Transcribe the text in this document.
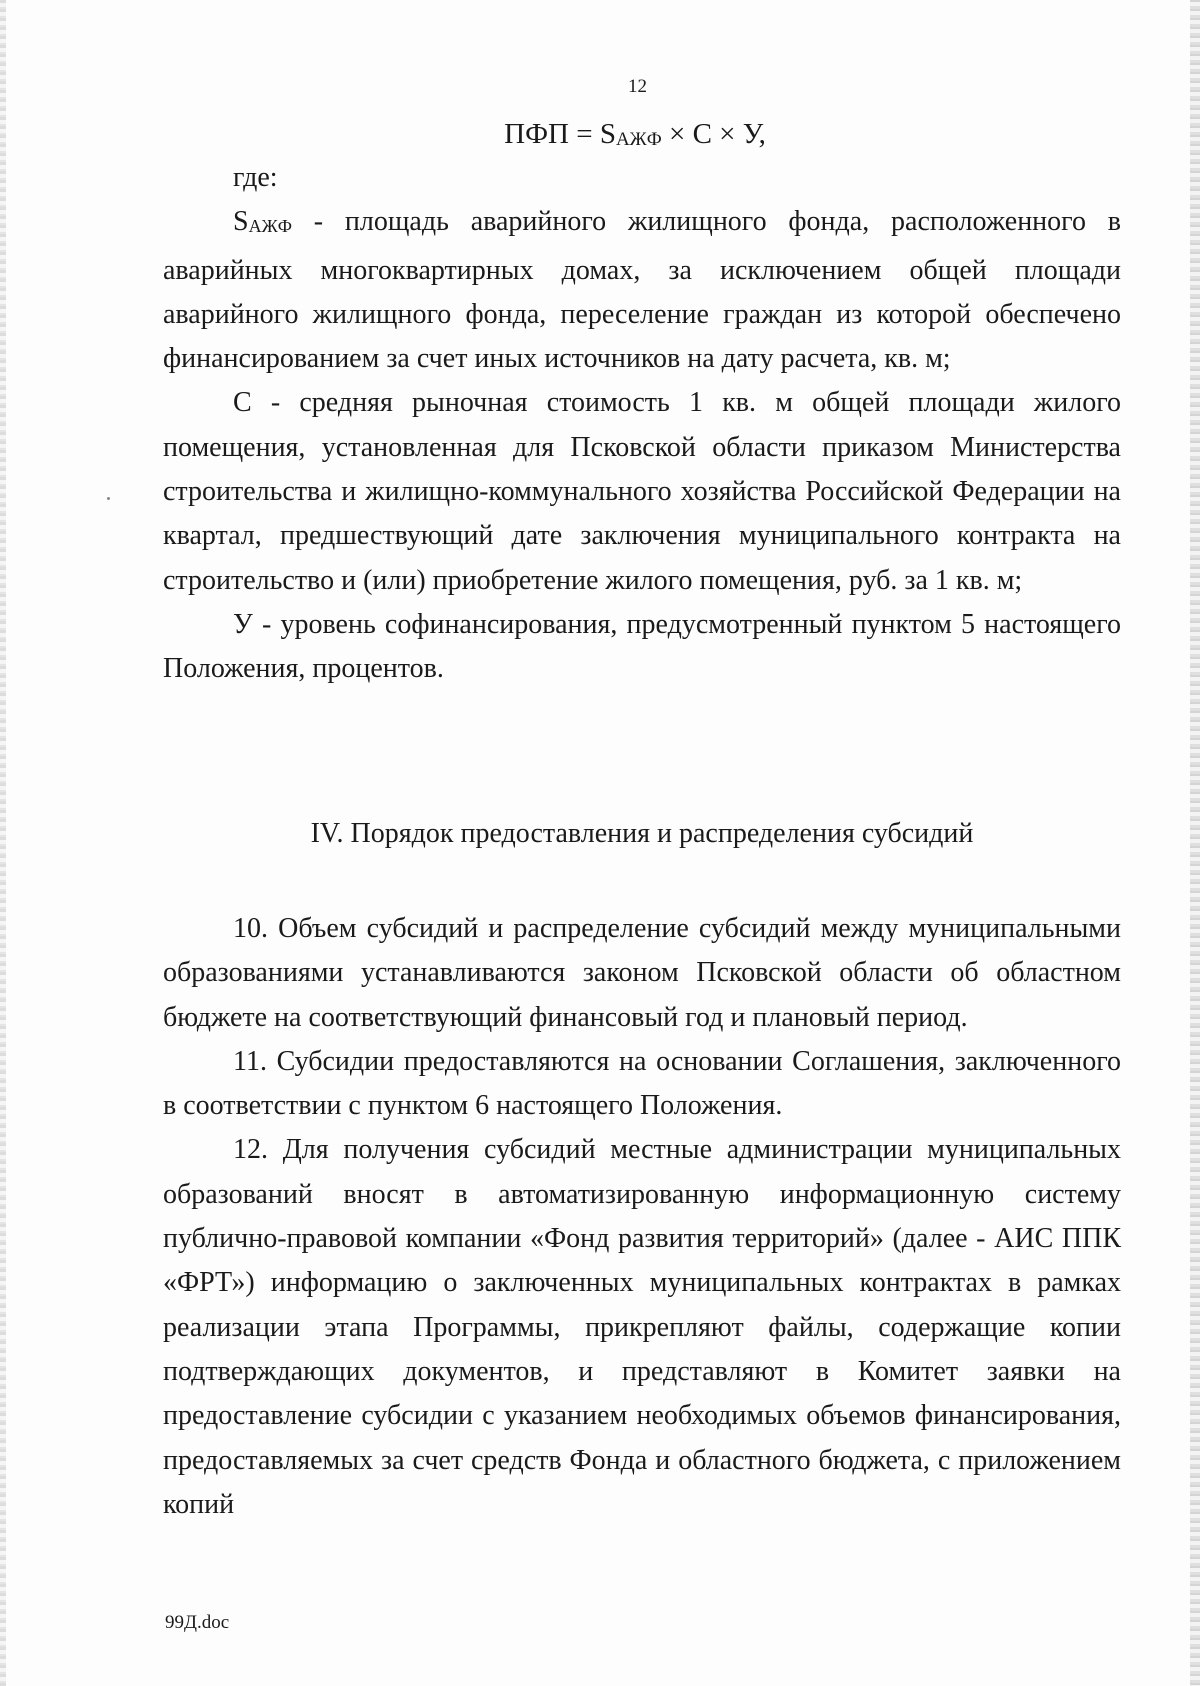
12
ПФП = $S_{АЖФ} \times С \times У$,

где:

SАЖФ - площадь аварийного жилищного фонда, расположенного в аварийных многоквартирных домах, за исключением общей площади аварийного жилищного фонда, переселение граждан из которой обеспечено финансированием за счет иных источников на дату расчета, кв. м;

С - средняя рыночная стоимость 1 кв. м общей площади жилого помещения, установленная для Псковской области приказом Министерства строительства и жилищно-коммунального хозяйства Российской Федерации на квартал, предшествующий дате заключения муниципального контракта на строительство и (или) приобретение жилого помещения, руб. за 1 кв. м;

У - уровень софинансирования, предусмотренный пунктом 5 настоящего Положения, процентов.

IV. Порядок предоставления и распределения субсидий

10. Объем субсидий и распределение субсидий между муниципальными образованиями устанавливаются законом Псковской области об областном бюджете на соответствующий финансовый год и плановый период.

11. Субсидии предоставляются на основании Соглашения, заключенного в соответствии с пунктом 6 настоящего Положения.

12. Для получения субсидий местные администрации муниципальных образований вносят в автоматизированную информационную систему публично-правовой компании «Фонд развития территорий» (далее - АИС ППК «ФРТ») информацию о заключенных муниципальных контрактах в рамках реализации этапа Программы, прикрепляют файлы, содержащие копии подтверждающих документов, и представляют в Комитет заявки на предоставление субсидии с указанием необходимых объемов финансирования, предоставляемых за счет средств Фонда и областного бюджета, с приложением копий

99Д.doc
